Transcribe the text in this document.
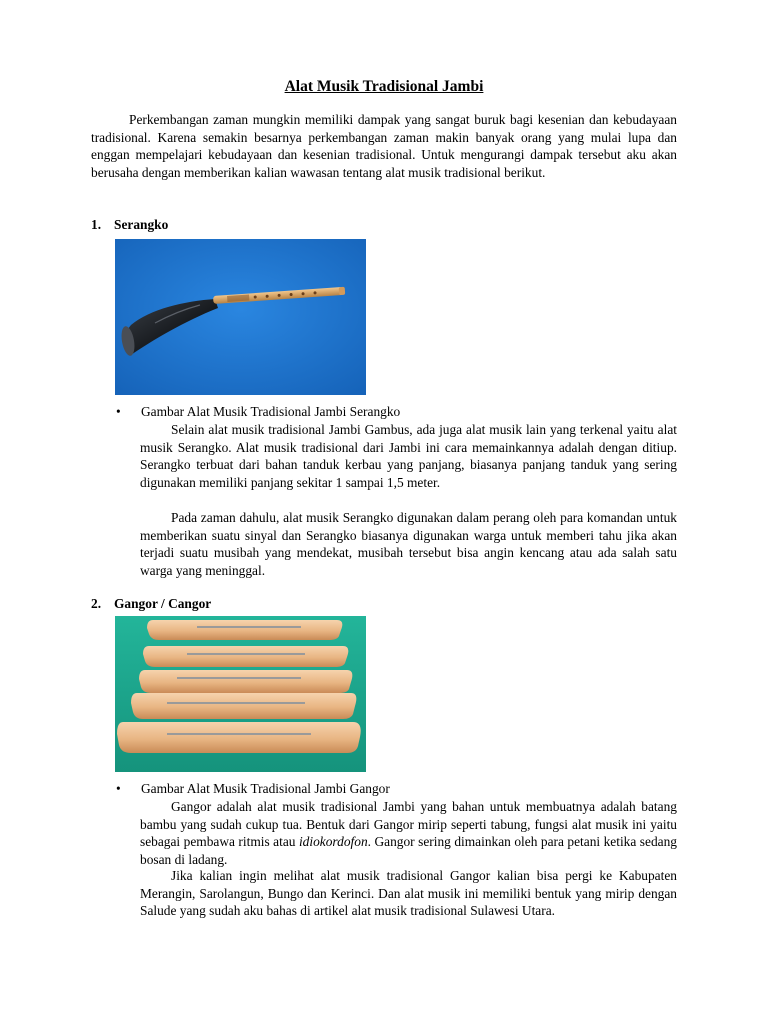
Alat Musik Tradisional Jambi

Perkembangan zaman mungkin memiliki dampak yang sangat buruk bagi kesenian dan kebudayaan tradisional. Karena semakin besarnya perkembangan zaman makin banyak orang yang mulai lupa dan enggan mempelajari kebudayaan dan kesenian tradisional. Untuk mengurangi dampak tersebut aku akan berusaha dengan memberikan kalian wawasan tentang alat musik tradisional berikut.

1. Serangko
• Gambar Alat Musik Tradisional Jambi Serangko

Selain alat musik tradisional Jambi Gambus, ada juga alat musik lain yang terkenal yaitu alat musik Serangko. Alat musik tradisional dari Jambi ini cara memainkannya adalah dengan ditiup. Serangko terbuat dari bahan tanduk kerbau yang panjang, biasanya panjang tanduk yang sering digunakan memiliki panjang sekitar 1 sampai 1,5 meter.

Pada zaman dahulu, alat musik Serangko digunakan dalam perang oleh para komandan untuk memberikan suatu sinyal dan Serangko biasanya digunakan warga untuk memberi tahu jika akan terjadi suatu musibah yang mendekat, musibah tersebut bisa angin kencang atau ada salah satu warga yang meninggal.

2. Gangor / Cangor
• Gambar Alat Musik Tradisional Jambi Gangor

Gangor adalah alat musik tradisional Jambi yang bahan untuk membuatnya adalah batang bambu yang sudah cukup tua. Bentuk dari Gangor mirip seperti tabung, fungsi alat musik ini yaitu sebagai pembawa ritmis atau idiokordofon. Gangor sering dimainkan oleh para petani ketika sedang bosan di ladang.

Jika kalian ingin melihat alat musik tradisional Gangor kalian bisa pergi ke Kabupaten Merangin, Sarolangun, Bungo dan Kerinci. Dan alat musik ini memiliki bentuk yang mirip dengan Salude yang sudah aku bahas di artikel alat musik tradisional Sulawesi Utara.
